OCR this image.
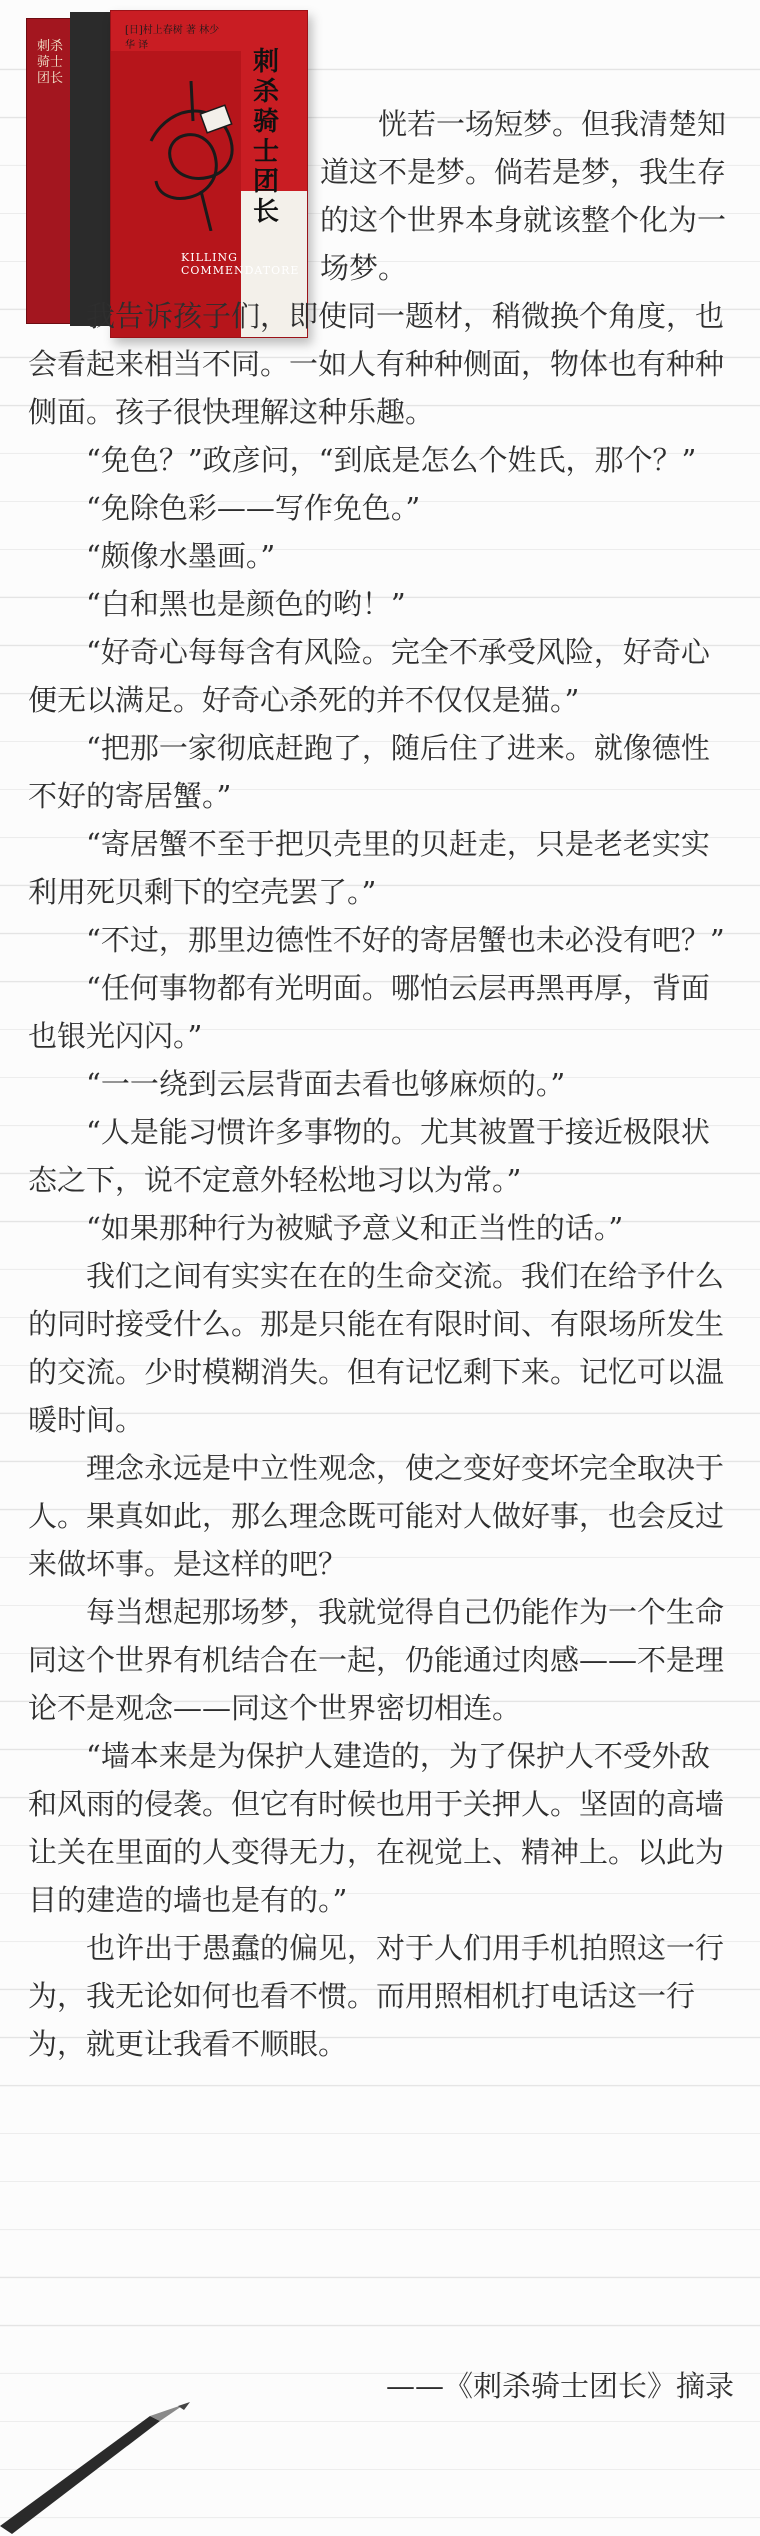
刺杀骑士团长
[日]村上春树 著 林少华 译
刺杀骑士团长
KILLING COMMENDATORE

恍若一场短梦。但我清楚知道这不是梦。倘若是梦，我生存的这个世界本身就该整个化为一场梦。

我告诉孩子们，即使同一题材，稍微换个角度，也会看起来相当不同。一如人有种种侧面，物体也有种种侧面。孩子很快理解这种乐趣。

“免色？”政彦问，“到底是怎么个姓氏，那个？”

“免除色彩——写作免色。”

“颇像水墨画。”

“白和黑也是颜色的哟！”

“好奇心每每含有风险。完全不承受风险，好奇心便无以满足。好奇心杀死的并不仅仅是猫。”

“把那一家彻底赶跑了，随后住了进来。就像德性不好的寄居蟹。”

“寄居蟹不至于把贝壳里的贝赶走，只是老老实实利用死贝剩下的空壳罢了。”

“不过，那里边德性不好的寄居蟹也未必没有吧？”

“任何事物都有光明面。哪怕云层再黑再厚，背面也银光闪闪。”

“一一绕到云层背面去看也够麻烦的。”

“人是能习惯许多事物的。尤其被置于接近极限状态之下，说不定意外轻松地习以为常。”

“如果那种行为被赋予意义和正当性的话。”

我们之间有实实在在的生命交流。我们在给予什么的同时接受什么。那是只能在有限时间、有限场所发生的交流。少时模糊消失。但有记忆剩下来。记忆可以温暖时间。

理念永远是中立性观念，使之变好变坏完全取决于人。果真如此，那么理念既可能对人做好事，也会反过来做坏事。是这样的吧？

每当想起那场梦，我就觉得自己仍能作为一个生命同这个世界有机结合在一起，仍能通过肉感——不是理论不是观念——同这个世界密切相连。

“墙本来是为保护人建造的，为了保护人不受外敌和风雨的侵袭。但它有时候也用于关押人。坚固的高墙让关在里面的人变得无力，在视觉上、精神上。以此为目的建造的墙也是有的。”

也许出于愚蠢的偏见，对于人们用手机拍照这一行为，我无论如何也看不惯。而用照相机打电话这一行为，就更让我看不顺眼。

——《刺杀骑士团长》摘录
